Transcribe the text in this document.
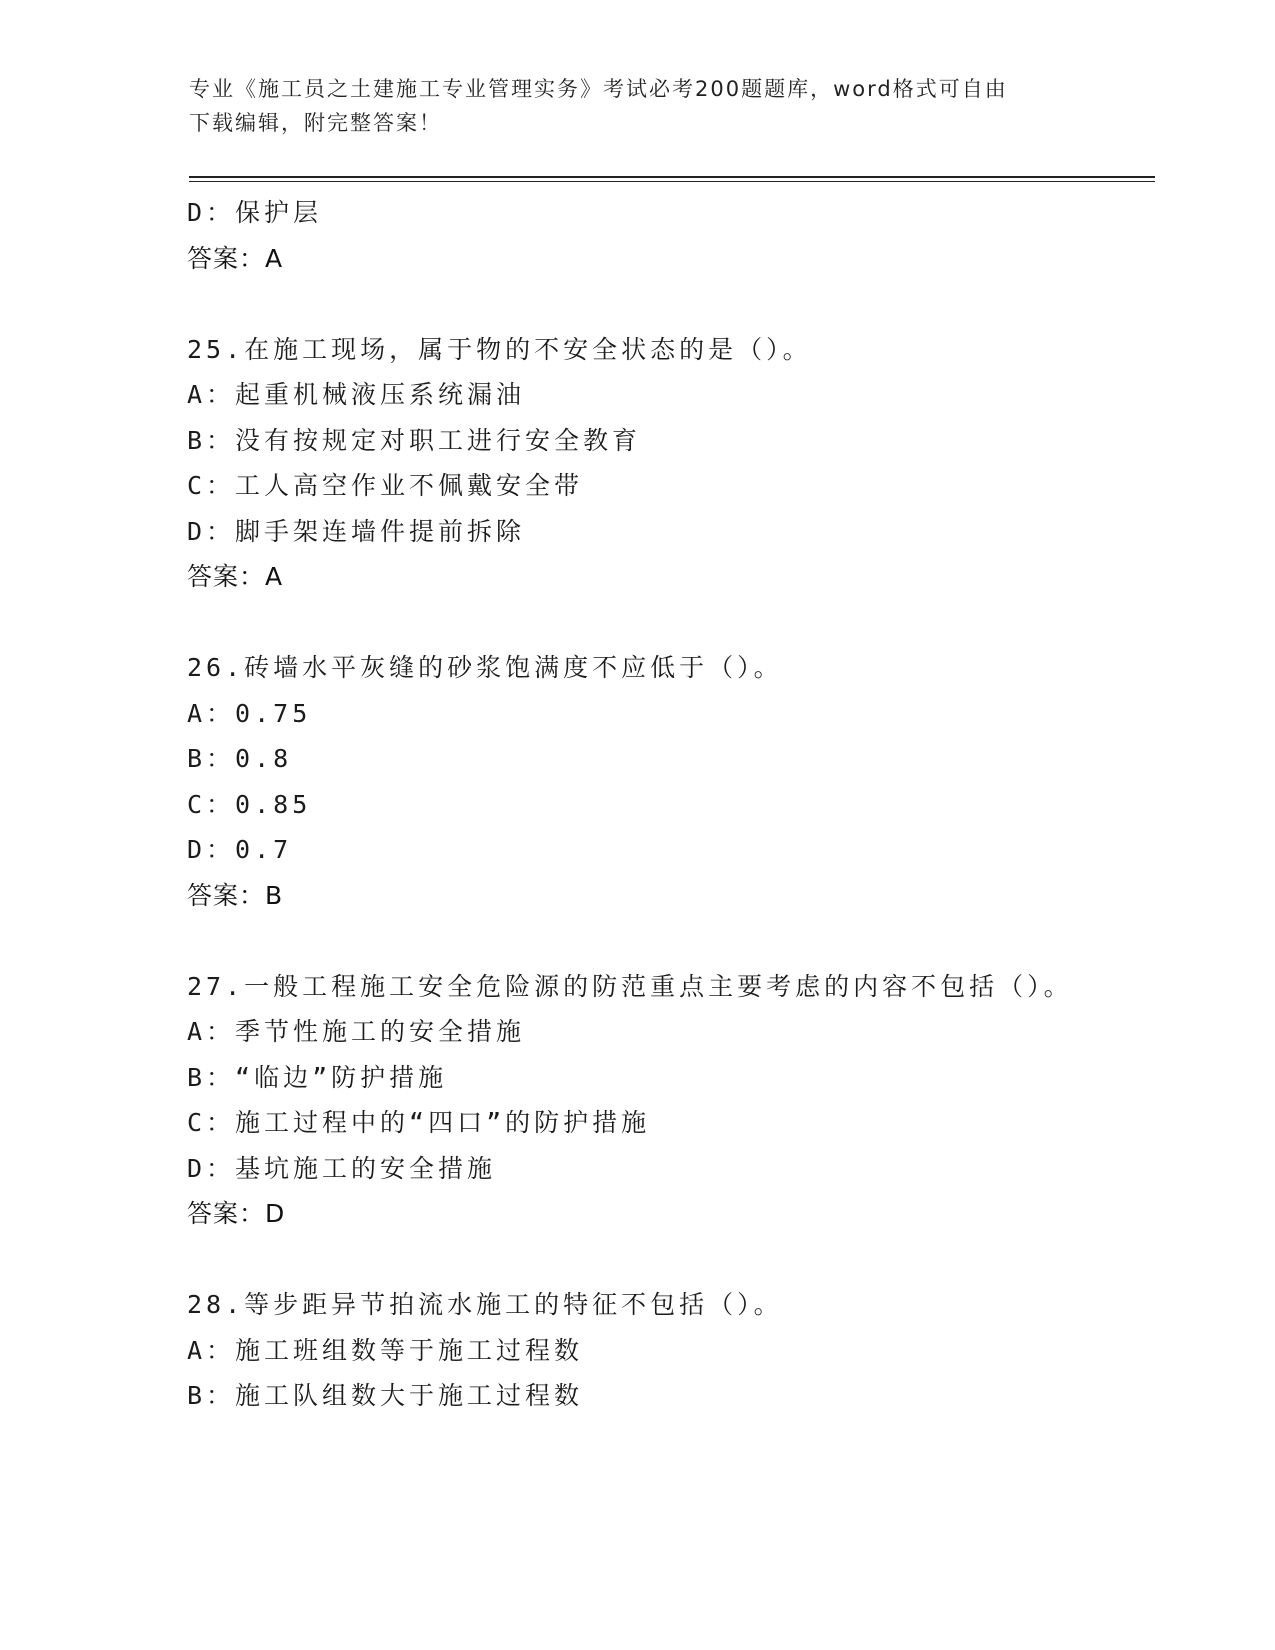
专业《施工员之土建施工专业管理实务》考试必考200题题库，word格式可自由
下载编辑，附完整答案！
D：保护层
答案：A
25.在施工现场，属于物的不安全状态的是（）。
A：起重机械液压系统漏油
B：没有按规定对职工进行安全教育
C：工人高空作业不佩戴安全带
D：脚手架连墙件提前拆除
答案：A
26.砖墙水平灰缝的砂浆饱满度不应低于（）。
A：0.75
B：0.8
C：0.85
D：0.7
答案：B
27.一般工程施工安全危险源的防范重点主要考虑的内容不包括（）。
A：季节性施工的安全措施
B：“临边”防护措施
C：施工过程中的“四口”的防护措施
D：基坑施工的安全措施
答案：D
28.等步距异节拍流水施工的特征不包括（）。
A：施工班组数等于施工过程数
B：施工队组数大于施工过程数
